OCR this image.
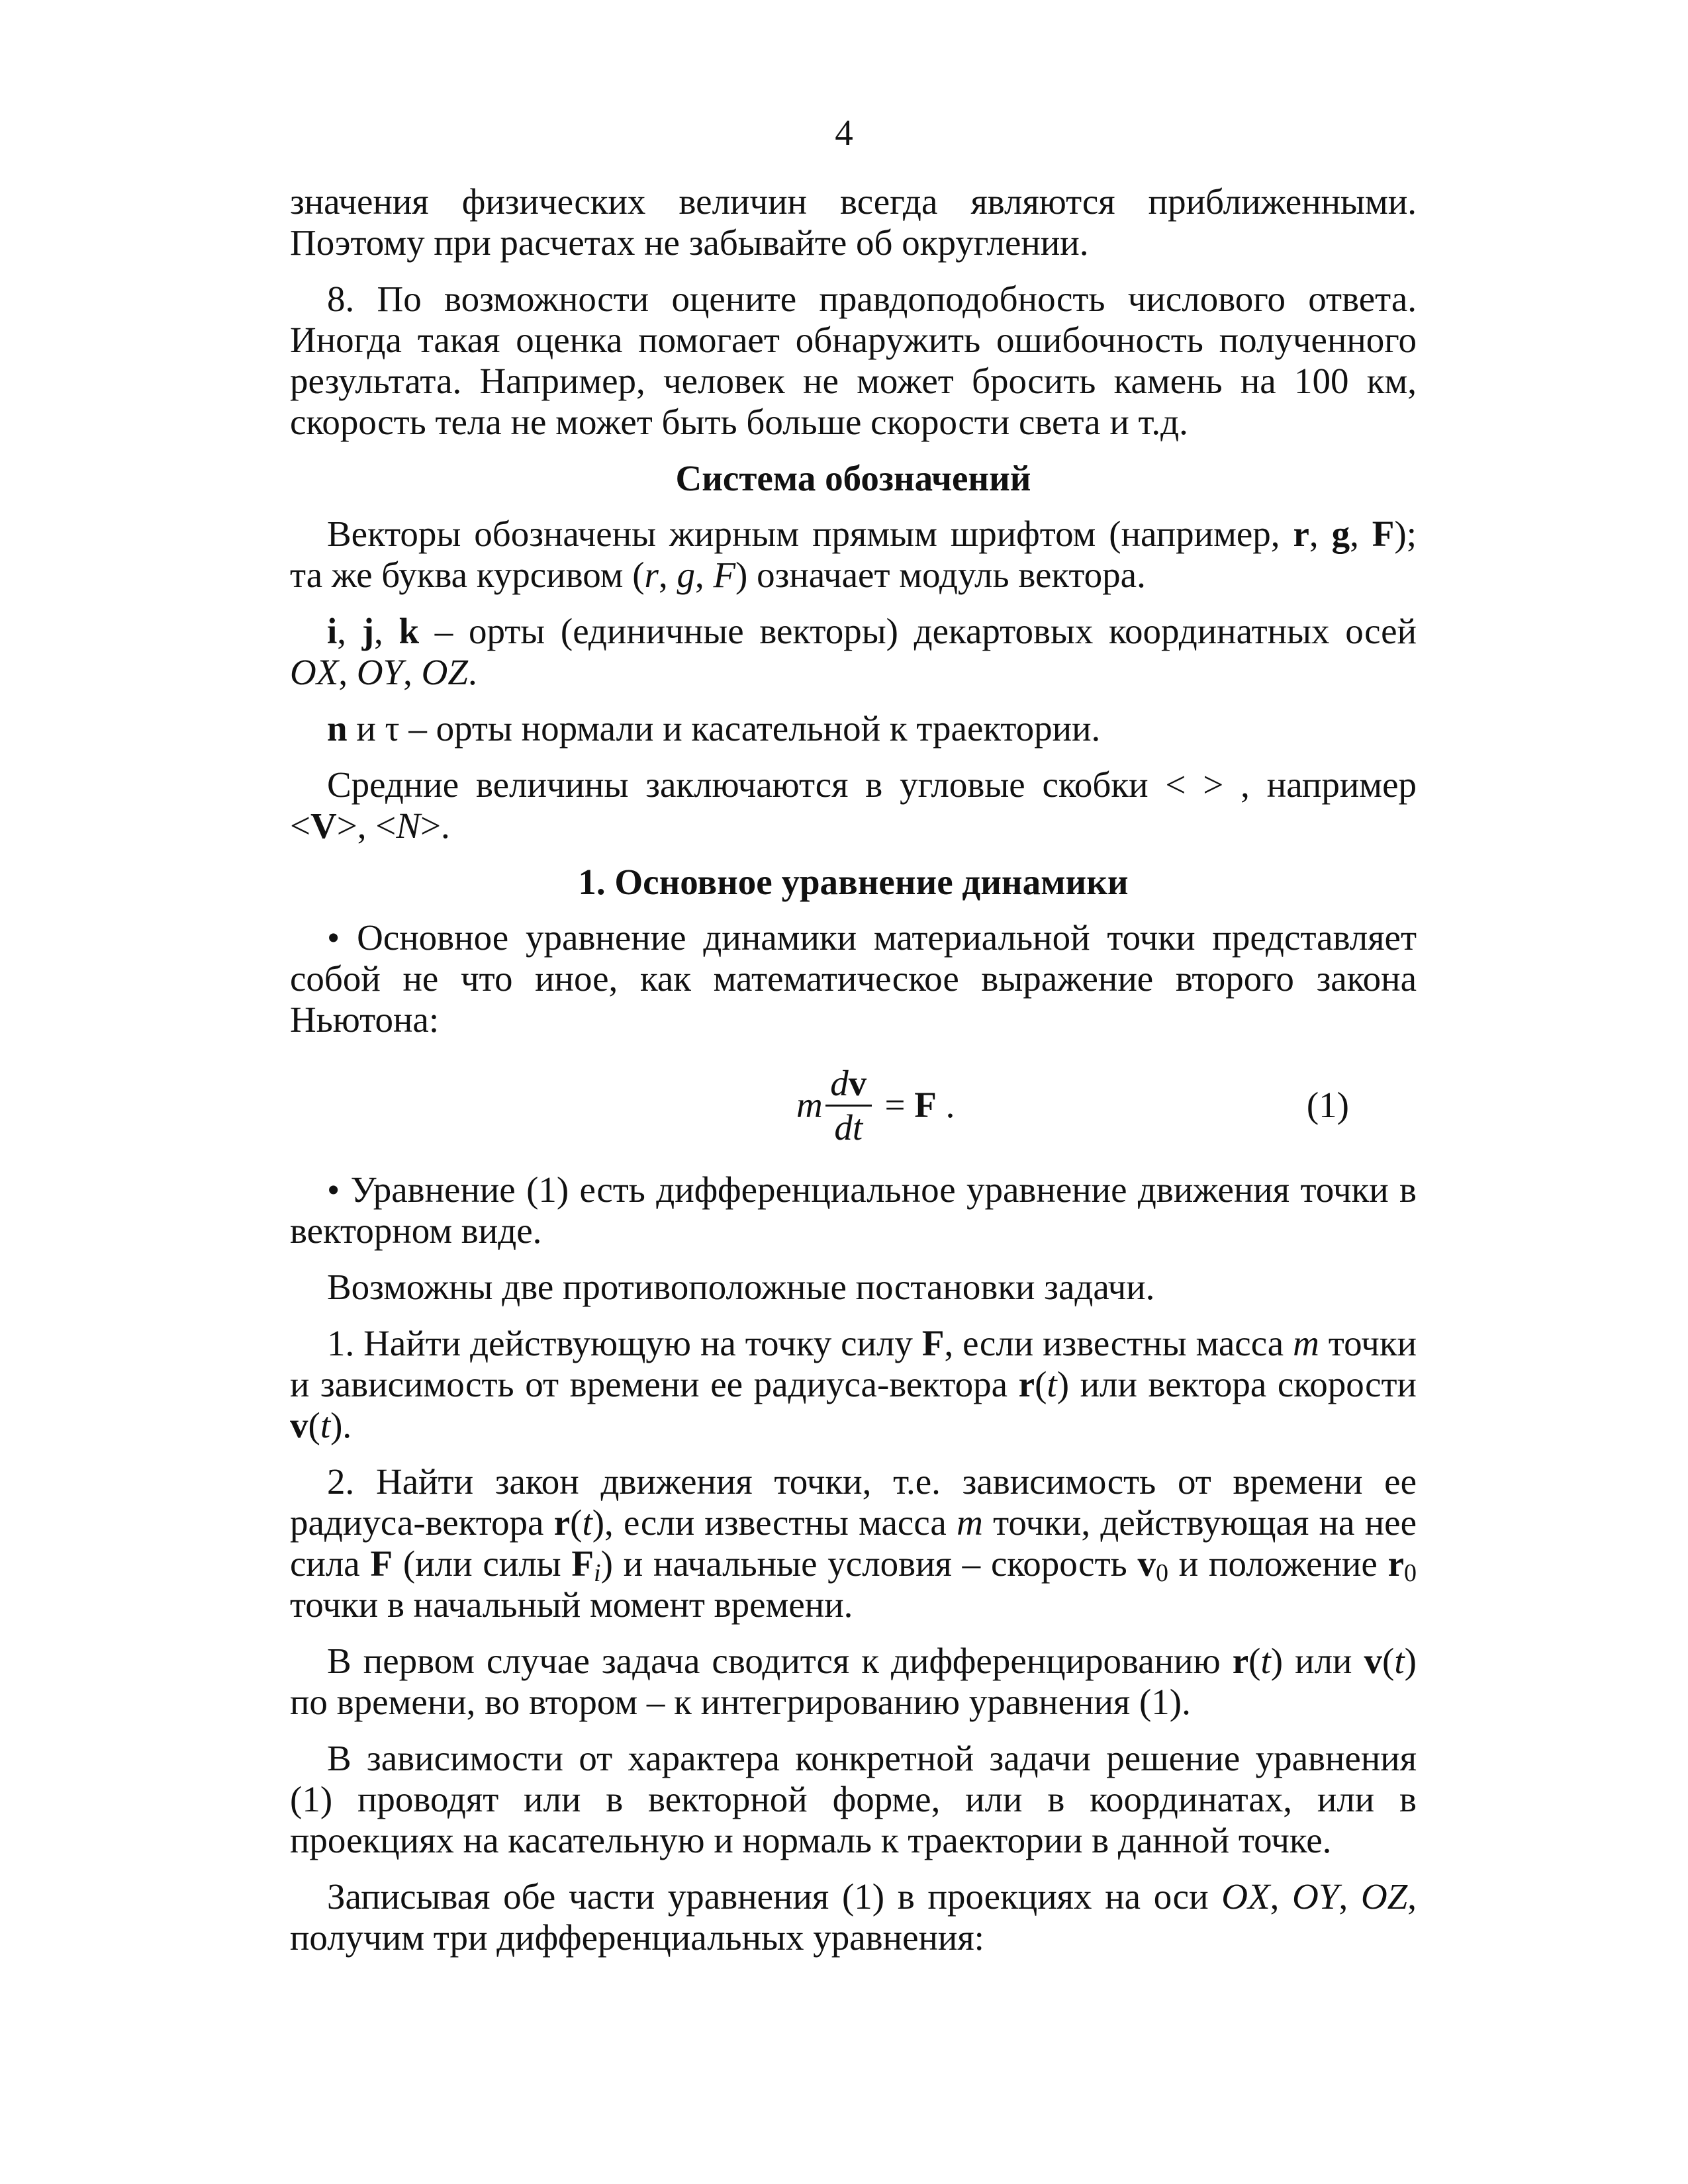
4

значения физических величин всегда являются приближенными. Поэтому при расчетах не забывайте об округлении.

8. По возможности оцените правдоподобность числового ответа. Иногда такая оценка помогает обнаружить ошибочность полученного результата. Например, человек не может бросить камень на 100 км, скорость тела не может быть больше скорости света и т.д.

Система обозначений

Векторы обозначены жирным прямым шрифтом (например, r, g, F); та же буква курсивом (r, g, F) означает модуль вектора.

i, j, k – орты (единичные векторы) декартовых координатных осей OX, OY, OZ.

n и τ – орты нормали и касательной к траектории.

Средние величины заключаются в угловые скобки < > , например <V>, <N>.

1. Основное уравнение динамики

• Основное уравнение динамики материальной точки представляет собой не что иное, как математическое выражение второго закона Ньютона:

m $\frac{dv}{dt} = F$ .	(1)

• Уравнение (1) есть дифференциальное уравнение движения точки в векторном виде.

Возможны две противоположные постановки задачи.

1. Найти действующую на точку силу F, если известны масса m точки и зависимость от времени ее радиуса-вектора r(t) или вектора скорости v(t).

2. Найти закон движения точки, т.е. зависимость от времени ее радиуса-вектора r(t), если известны масса m точки, действующая на нее сила F (или силы $F_i$) и начальные условия – скорость $v_0$ и положение $r_0$ точки в начальный момент времени.

В первом случае задача сводится к дифференцированию r(t) или v(t) по времени, во втором – к интегрированию уравнения (1).

В зависимости от характера конкретной задачи решение уравнения (1) проводят или в векторной форме, или в координатах, или в проекциях на касательную и нормаль к траектории в данной точке.

Записывая обе части уравнения (1) в проекциях на оси OX, OY, OZ, получим три дифференциальных уравнения:
